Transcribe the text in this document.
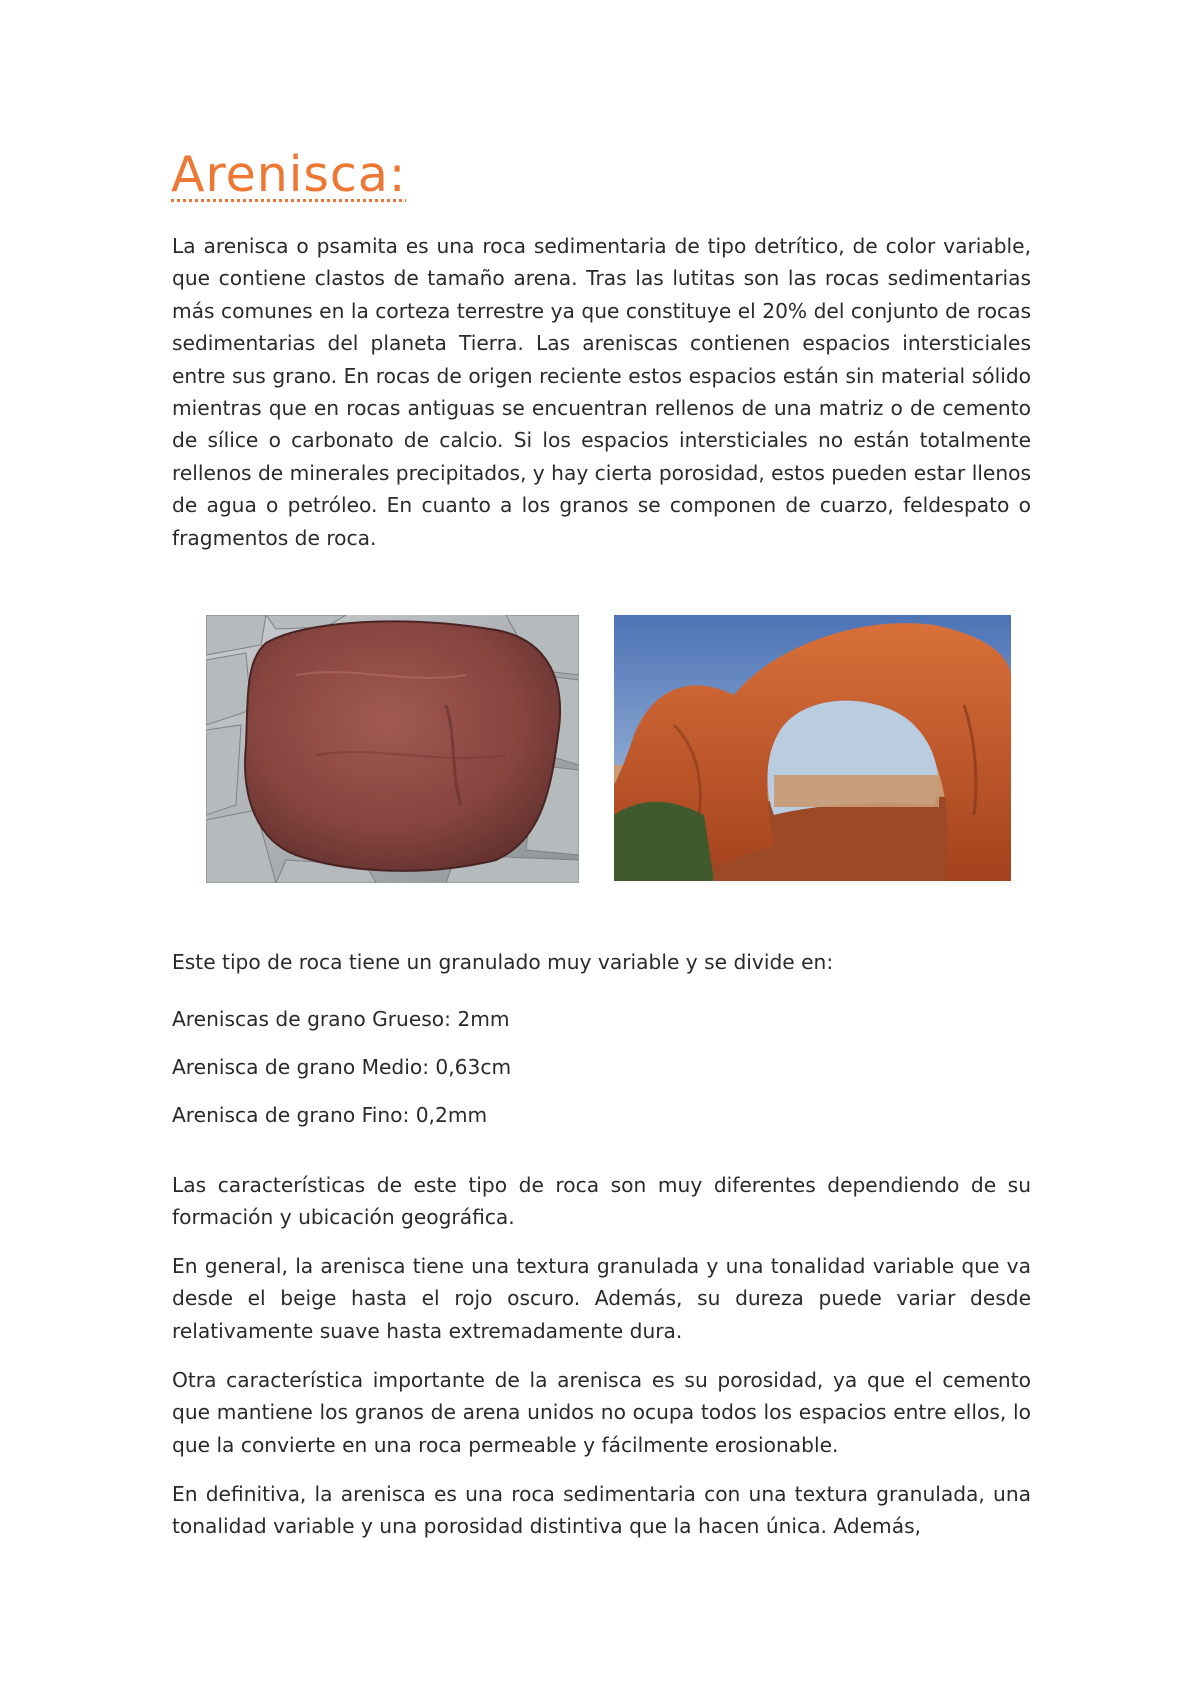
Arenisca:

La arenisca o psamita es una roca sedimentaria de tipo detrítico, de color variable, que contiene clastos de tamaño arena. Tras las lutitas son las rocas sedimentarias más comunes en la corteza terrestre ya que constituye el 20% del conjunto de rocas sedimentarias del planeta Tierra. Las areniscas contienen espacios intersticiales entre sus grano. En rocas de origen reciente estos espacios están sin material sólido mientras que en rocas antiguas se encuentran rellenos de una matriz o de cemento de sílice o carbonato de calcio. Si los espacios intersticiales no están totalmente rellenos de minerales precipitados, y hay cierta porosidad, estos pueden estar llenos de agua o petróleo. En cuanto a los granos se componen de cuarzo, feldespato o fragmentos de roca.

Este tipo de roca tiene un granulado muy variable y se divide en:

Areniscas de grano Grueso: 2mm
Arenisca de grano Medio: 0,63cm
Arenisca de grano Fino: 0,2mm

Las características de este tipo de roca son muy diferentes dependiendo de su formación y ubicación geográfica.

En general, la arenisca tiene una textura granulada y una tonalidad variable que va desde el beige hasta el rojo oscuro. Además, su dureza puede variar desde relativamente suave hasta extremadamente dura.

Otra característica importante de la arenisca es su porosidad, ya que el cemento que mantiene los granos de arena unidos no ocupa todos los espacios entre ellos, lo que la convierte en una roca permeable y fácilmente erosionable.

En definitiva, la arenisca es una roca sedimentaria con una textura granulada, una tonalidad variable y una porosidad distintiva que la hacen única. Además,
